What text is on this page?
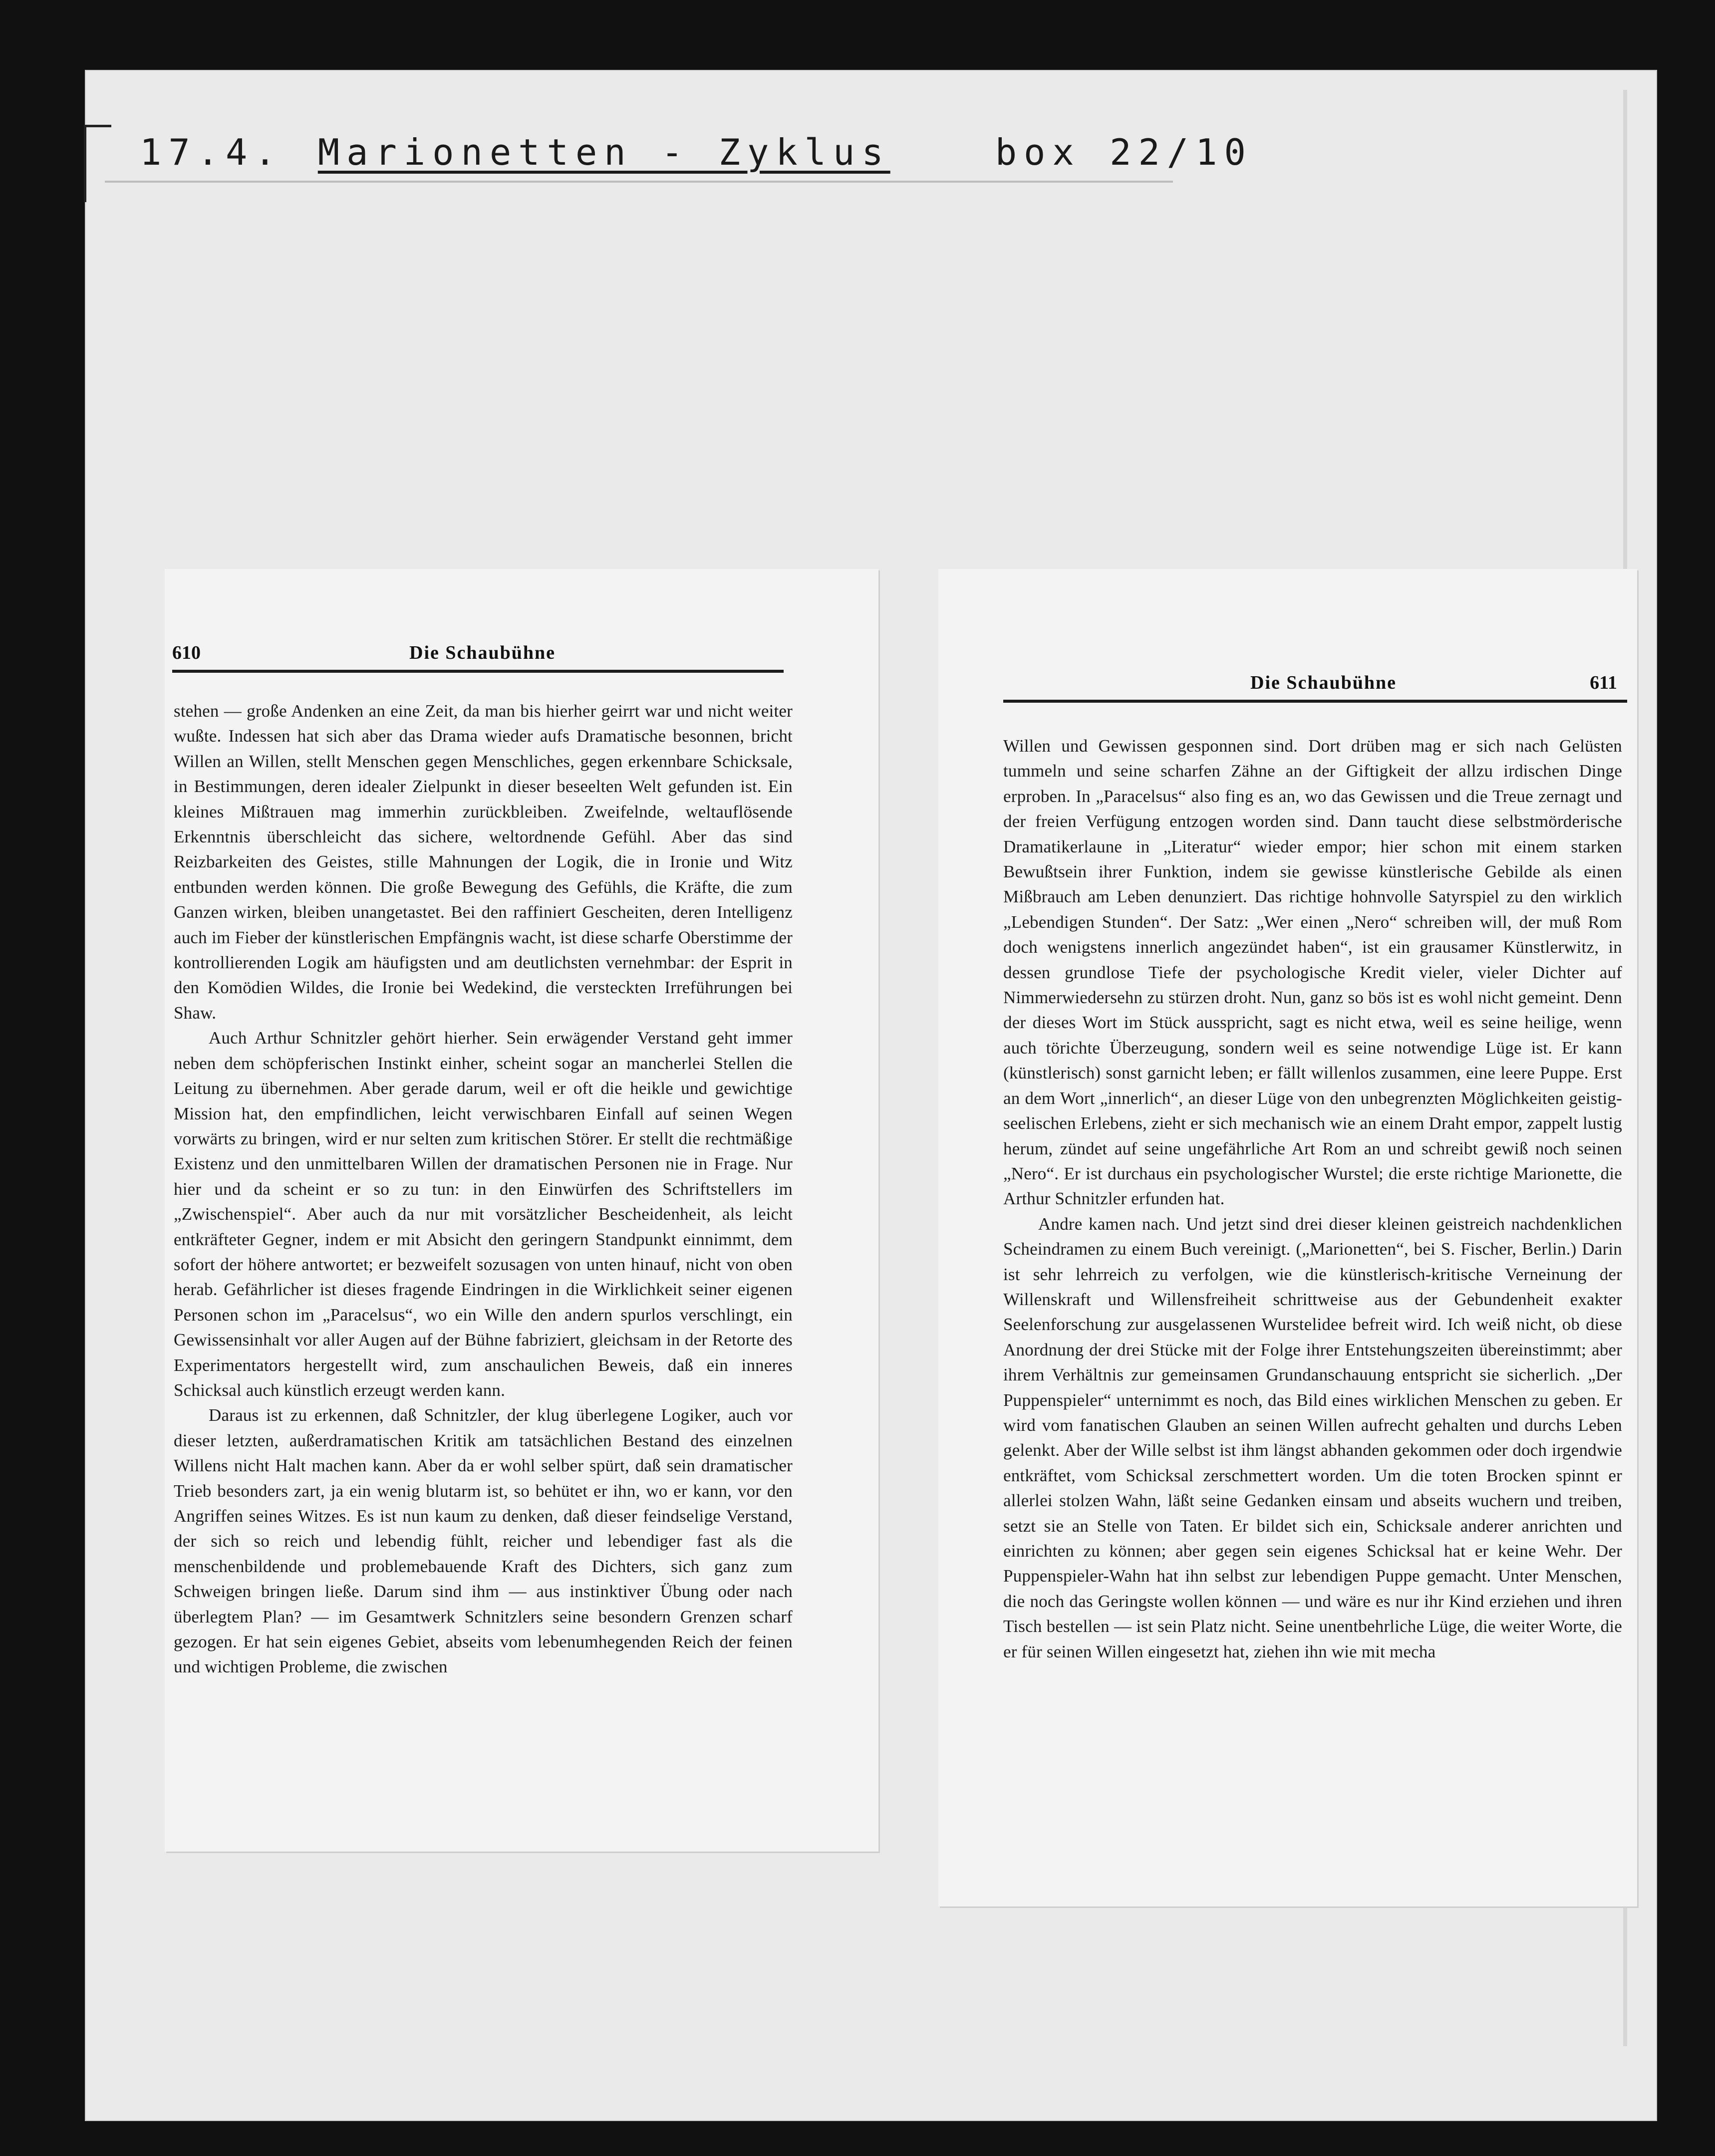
17.4. Marionetten - Zyklus	box 22/10
610	Die Schaubühne

stehen — große Andenken an eine Zeit, da man bis hierher geirrt war und nicht weiter wußte. Indessen hat sich aber das Drama wieder aufs Dramatische besonnen, bricht Willen an Willen, stellt Menschen gegen Menschliches, gegen erkennbare Schicksale, in Bestimmungen, deren idealer Zielpunkt in dieser beseelten Welt gefunden ist. Ein kleines Mißtrauen mag immerhin zurückbleiben. Zweifelnde, weltauflösende Erkenntnis überschleicht das sichere, weltordnende Gefühl. Aber das sind Reizbarkeiten des Geistes, stille Mahnungen der Logik, die in Ironie und Witz entbunden werden können. Die große Bewegung des Gefühls, die Kräfte, die zum Ganzen wirken, bleiben unangetastet. Bei den raffiniert Gescheiten, deren Intelligenz auch im Fieber der künstlerischen Empfängnis wacht, ist diese scharfe Oberstimme der kontrollierenden Logik am häufigsten und am deutlichsten vernehmbar: der Esprit in den Komödien Wildes, die Ironie bei Wedekind, die versteckten Irreführungen bei Shaw.

Auch Arthur Schnitzler gehört hierher. Sein erwägender Verstand geht immer neben dem schöpferischen Instinkt einher, scheint sogar an mancherlei Stellen die Leitung zu übernehmen. Aber gerade darum, weil er oft die heikle und gewichtige Mission hat, den empfindlichen, leicht verwischbaren Einfall auf seinen Wegen vorwärts zu bringen, wird er nur selten zum kritischen Störer. Er stellt die rechtmäßige Existenz und den unmittelbaren Willen der dramatischen Personen nie in Frage. Nur hier und da scheint er so zu tun: in den Einwürfen des Schriftstellers im „Zwischenspiel“. Aber auch da nur mit vorsätzlicher Bescheidenheit, als leicht entkräfteter Gegner, indem er mit Absicht den geringern Standpunkt einnimmt, dem sofort der höhere antwortet; er bezweifelt sozusagen von unten hinauf, nicht von oben herab. Gefährlicher ist dieses fragende Eindringen in die Wirklichkeit seiner eigenen Personen schon im „Paracelsus“, wo ein Wille den andern spurlos verschlingt, ein Gewissensinhalt vor aller Augen auf der Bühne fabriziert, gleichsam in der Retorte des Experimentators hergestellt wird, zum anschaulichen Beweis, daß ein inneres Schicksal auch künstlich erzeugt werden kann.

Daraus ist zu erkennen, daß Schnitzler, der klug überlegene Logiker, auch vor dieser letzten, außerdramatischen Kritik am tatsächlichen Bestand des einzelnen Willens nicht Halt machen kann. Aber da er wohl selber spürt, daß sein dramatischer Trieb besonders zart, ja ein wenig blutarm ist, so behütet er ihn, wo er kann, vor den Angriffen seines Witzes. Es ist nun kaum zu denken, daß dieser feindselige Verstand, der sich so reich und lebendig fühlt, reicher und lebendiger fast als die menschenbildende und problemebauende Kraft des Dichters, sich ganz zum Schweigen bringen ließe. Darum sind ihm — aus instinktiver Übung oder nach überlegtem Plan? — im Gesamtwerk Schnitzlers seine besondern Grenzen scharf gezogen. Er hat sein eigenes Gebiet, abseits vom lebenumhegenden Reich der feinen und wichtigen Probleme, die zwischen

Die Schaubühne	611

Willen und Gewissen gesponnen sind. Dort drüben mag er sich nach Gelüsten tummeln und seine scharfen Zähne an der Giftigkeit der allzu irdischen Dinge erproben. In „Paracelsus“ also fing es an, wo das Gewissen und die Treue zernagt und der freien Verfügung entzogen worden sind. Dann taucht diese selbstmörderische Dramatikerlaune in „Literatur“ wieder empor; hier schon mit einem starken Bewußtsein ihrer Funktion, indem sie gewisse künstlerische Gebilde als einen Mißbrauch am Leben denunziert. Das richtige hohnvolle Satyrspiel zu den wirklich „Lebendigen Stunden“. Der Satz: „Wer einen „Nero“ schreiben will, der muß Rom doch wenigstens innerlich angezündet haben“, ist ein grausamer Künstlerwitz, in dessen grundlose Tiefe der psychologische Kredit vieler, vieler Dichter auf Nimmerwiedersehn zu stürzen droht. Nun, ganz so bös ist es wohl nicht gemeint. Denn der dieses Wort im Stück ausspricht, sagt es nicht etwa, weil es seine heilige, wenn auch törichte Überzeugung, sondern weil es seine notwendige Lüge ist. Er kann (künstlerisch) sonst garnicht leben; er fällt willenlos zusammen, eine leere Puppe. Erst an dem Wort „innerlich“, an dieser Lüge von den unbegrenzten Möglichkeiten geistig-seelischen Erlebens, zieht er sich mechanisch wie an einem Draht empor, zappelt lustig herum, zündet auf seine ungefährliche Art Rom an und schreibt gewiß noch seinen „Nero“. Er ist durchaus ein psychologischer Wurstel; die erste richtige Marionette, die Arthur Schnitzler erfunden hat.

Andre kamen nach. Und jetzt sind drei dieser kleinen geistreich nachdenklichen Scheindramen zu einem Buch vereinigt. („Marionetten“, bei S. Fischer, Berlin.) Darin ist sehr lehrreich zu verfolgen, wie die künstlerisch-kritische Verneinung der Willenskraft und Willensfreiheit schrittweise aus der Gebundenheit exakter Seelenforschung zur ausgelassenen Wurstelidee befreit wird. Ich weiß nicht, ob diese Anordnung der drei Stücke mit der Folge ihrer Entstehungszeiten übereinstimmt; aber ihrem Verhältnis zur gemeinsamen Grundanschauung entspricht sie sicherlich. „Der Puppenspieler“ unternimmt es noch, das Bild eines wirklichen Menschen zu geben. Er wird vom fanatischen Glauben an seinen Willen aufrecht gehalten und durchs Leben gelenkt. Aber der Wille selbst ist ihm längst abhanden gekommen oder doch irgendwie entkräftet, vom Schicksal zerschmettert worden. Um die toten Brocken spinnt er allerlei stolzen Wahn, läßt seine Gedanken einsam und abseits wuchern und treiben, setzt sie an Stelle von Taten. Er bildet sich ein, Schicksale anderer anrichten und einrichten zu können; aber gegen sein eigenes Schicksal hat er keine Wehr. Der Puppenspieler-Wahn hat ihn selbst zur lebendigen Puppe gemacht. Unter Menschen, die noch das Geringste wollen können — und wäre es nur ihr Kind erziehen und ihren Tisch bestellen — ist sein Platz nicht. Seine unentbehrliche Lüge, die weiter Worte, die er für seinen Willen eingesetzt hat, ziehen ihn wie mit mecha
